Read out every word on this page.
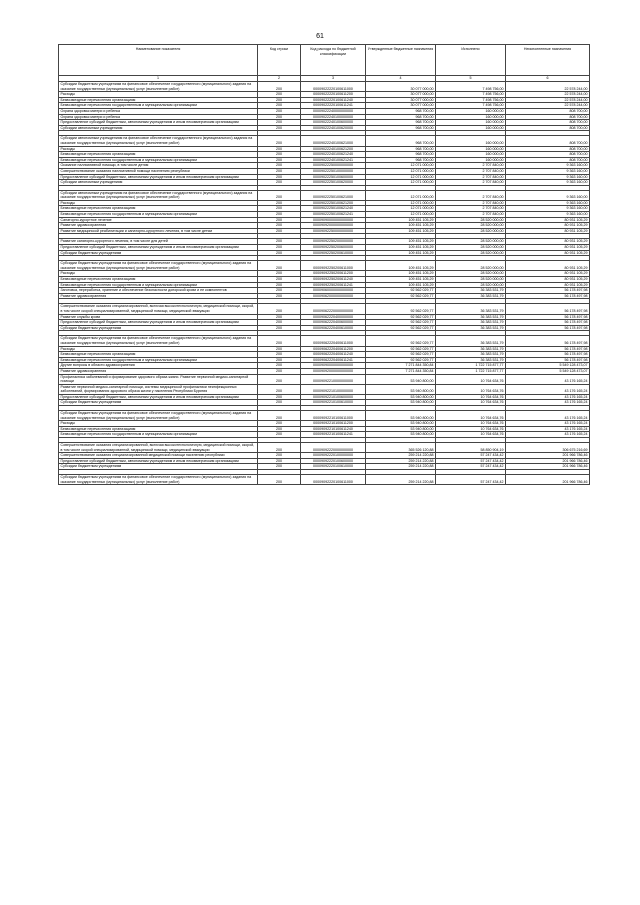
61
Наименование показателя	Код строки	Код расхода по бюджетной классификации	Утвержденные бюджетные назначения	Исполнено	Неисполненные назначения
1	2	3	4	5	6
Субсидии бюджетным учреждениям на финансовое обеспечение государственного (муниципального) задания на оказание государственных (муниципальных) услуг (выполнение работ)	200	00009022220100611000	30 077 000,00	7 498 756,00	22 578 244,00
Расходы	200	00009022220100611200	30 077 000,00	7 498 756,00	22 578 244,00
Безвозмездные перечисления организациям	200	00009022220100611240	30 077 000,00	7 498 756,00	22 578 244,00
Безвозмездные перечисления государственным и муниципальным организациям	200	00009022220100611241	30 077 000,00	7 498 756,00	22 578 244,00
Охрана здоровья матери и ребенка	200	00009022240000000000	968 700,00	160 000,00	808 700,00
Охрана здоровья матери и ребенка	200	00009022240100000000	968 700,00	160 000,00	808 700,00
Предоставление субсидий бюджетным, автономным учреждениям и иным некоммерческим организациям	200	00009022240100600000	968 700,00	160 000,00	808 700,00
Субсидии автономным учреждениям	200	00009022240100620000	968 700,00	160 000,00	808 700,00

Субсидии автономным учреждениям на финансовое обеспечение государственного (муниципального) задания на оказание государственных (муниципальных) услуг (выполнение работ)	200	00009022240100621000	968 700,00	160 000,00	808 700,00
Расходы	200	00009022240100621200	968 700,00	160 000,00	808 700,00
Безвозмездные перечисления организациям	200	00009022240100621240	968 700,00	160 000,00	808 700,00
Безвозмездные перечисления государственным и муниципальным организациям	200	00009022240100621241	968 700,00	160 000,00	808 700,00
Оказание паллиативной помощи, в том числе детям	200	00009022250000000000	12 071 000,00	2 707 840,00	9 363 160,00
Совершенствование оказания паллиативной помощи населению республики	200	00009022250100000000	12 071 000,00	2 707 840,00	9 363 160,00
Предоставление субсидий бюджетным, автономным учреждениям и иным некоммерческим организациям	200	00009022250100600000	12 071 000,00	2 707 840,00	9 363 160,00
Субсидии автономным учреждениям	200	00009022250100620000	12 071 000,00	2 707 840,00	9 363 160,00

Субсидии автономным учреждениям на финансовое обеспечение государственного (муниципального) задания на оказание государственных (муниципальных) услуг (выполнение работ)	200	00009022250100621000	12 071 000,00	2 707 840,00	9 363 160,00
Расходы	200	00009022250100621200	12 071 000,00	2 707 840,00	9 363 160,00
Безвозмездные перечисления организациям	200	00009022250100621240	12 071 000,00	2 707 840,00	9 363 160,00
Безвозмездные перечисления государственным и муниципальным организациям	200	00009022250100621241	12 071 000,00	2 707 840,00	9 363 160,00
Санаторно-курортное лечение	200	00009090000000000000	109 451 105,29	28 520 000,00	80 931 105,29
Развитие здравоохранения	200	00009092000000000000	109 451 105,29	28 520 000,00	80 931 105,29
Развитие медицинской реабилитации и санаторно-курортного лечения, в том числе детям	200	00009092250000000000	109 451 105,29	28 520 000,00	80 931 105,29

Развитие санаторно-курортного лечения, в том числе для детей	200	00009092250200000000	109 451 105,29	28 520 000,00	80 931 105,29
Предоставление субсидий бюджетным, автономным учреждениям и иным некоммерческим организациям	200	00009092250200600000	109 451 105,29	28 520 000,00	80 931 105,29
Субсидии бюджетным учреждениям	200	00009092250200610000	109 451 105,29	28 520 000,00	80 931 105,29

Субсидии бюджетным учреждениям на финансовое обеспечение государственного (муниципального) задания на оказание государственных (муниципальных) услуг (выполнение работ)	200	00009092250200611000	109 451 105,29	28 520 000,00	80 931 105,29
Расходы	200	00009092250200611200	109 451 105,29	28 520 000,00	80 931 105,29
Безвозмездные перечисления организациям	200	00009092250200611240	109 451 105,29	28 520 000,00	80 931 105,29
Безвозмездные перечисления государственным и муниципальным организациям	200	00009092250200611241	109 451 105,29	28 520 000,00	80 931 105,29
Заготовка, переработка, хранение и обеспечение безопасности донорской крови и ее компонентов	200	00009060000000000000	92 562 029,77	36 383 531,79	56 178 497,98
Развитие здравоохранения	200	00009062000000000000	92 562 029,77	36 383 531,79	56 178 497,98

Совершенствование оказания специализированной, включая высокотехнологичную, медицинской помощи, скорой, в том числе скорой специализированной, медицинской помощи, медицинской эвакуации	200	00009062220000000000	92 562 029,77	36 383 531,79	56 178 497,98
Развитие службы крови	200	00009062220400000000	92 562 029,77	36 383 531,79	56 178 497,98
Предоставление субсидий бюджетным, автономным учреждениям и иным некоммерческим организациям	200	00009062220400600000	92 562 029,77	36 383 531,79	56 178 497,98
Субсидии бюджетным учреждениям	200	00009062220400610000	92 562 029,77	36 383 531,79	56 178 497,98

Субсидии бюджетным учреждениям на финансовое обеспечение государственного (муниципального) задания на оказание государственных (муниципальных) услуг (выполнение работ)	200	00009062220400611000	92 562 029,77	36 383 531,79	56 178 497,98
Расходы	200	00009062220400611200	92 562 029,77	36 383 531,79	56 178 497,98
Безвозмездные перечисления организациям	200	00009062220400611240	92 562 029,77	36 383 531,79	56 178 497,98
Безвозмездные перечисления государственным и муниципальным организациям	200	00009062220400611241	92 562 029,77	36 383 531,79	56 178 497,98
Другие вопросы в области здравоохранения	200	00009090000000000000	7 271 844 350,84	1 722 715 877,77	5 549 128 473,07
Развитие здравоохранения	200	00009092000000000000	7 271 844 350,84	1 722 715 877,77	5 549 128 473,07
Профилактика заболеваний и формирование здорового образа жизни. Развитие первичной медико-санитарной помощи	200	00009092210000000000	53 940 800,00	10 764 634,76	43 176 165,24
Развитие первичной медико-санитарной помощи, системы медицинской профилактики неинфекционных заболеваний, формирования здорового образа жизни у населения Республики Бурятия	200	00009092210100000000	53 940 800,00	10 764 634,76	43 176 165,24
Предоставление субсидий бюджетным, автономным учреждениям и иным некоммерческим организациям	200	00009092210100600000	53 940 800,00	10 764 634,76	43 176 165,24
Субсидии бюджетным учреждениям	200	00009092210100610000	53 940 800,00	10 764 634,76	43 176 165,24

Субсидии бюджетным учреждениям на финансовое обеспечение государственного (муниципального) задания на оказание государственных (муниципальных) услуг (выполнение работ)	200	00009092210100611000	53 940 800,00	10 764 634,76	43 176 165,24
Расходы	200	00009092210100611200	53 940 800,00	10 764 634,76	43 176 165,24
Безвозмездные перечисления организациям	200	00009092210100611240	53 940 800,00	10 764 634,76	43 176 165,24
Безвозмездные перечисления государственным и муниципальным организациям	200	00009092210100611241	53 940 800,00	10 764 634,76	43 176 165,24

Совершенствование оказания специализированной, включая высокотехнологичную, медицинской помощи, скорой, в том числе скорой специализированной, медицинской помощи, медицинской эвакуации	200	00009092220000000000	365 526 120,88	58 850 904,19	306 675 216,69
Совершенствование оказания специализированной медицинской помощи населению республики	200	00009092220100000000	259 214 220,88	57 247 434,42	201 966 786,46
Предоставление субсидий бюджетным, автономным учреждениям и иным некоммерческим организациям	200	00009092220100600000	259 214 220,88	57 247 434,42	201 966 786,46
Субсидии бюджетным учреждениям	200	00009092220100610000	259 214 220,88	57 247 434,42	201 966 786,46

Субсидии бюджетным учреждениям на финансовое обеспечение государственного (муниципального) задания на оказание государственных (муниципальных) услуг (выполнение работ)	200	00009092220100611000	259 214 220,88	57 247 434,42	201 966 786,46
